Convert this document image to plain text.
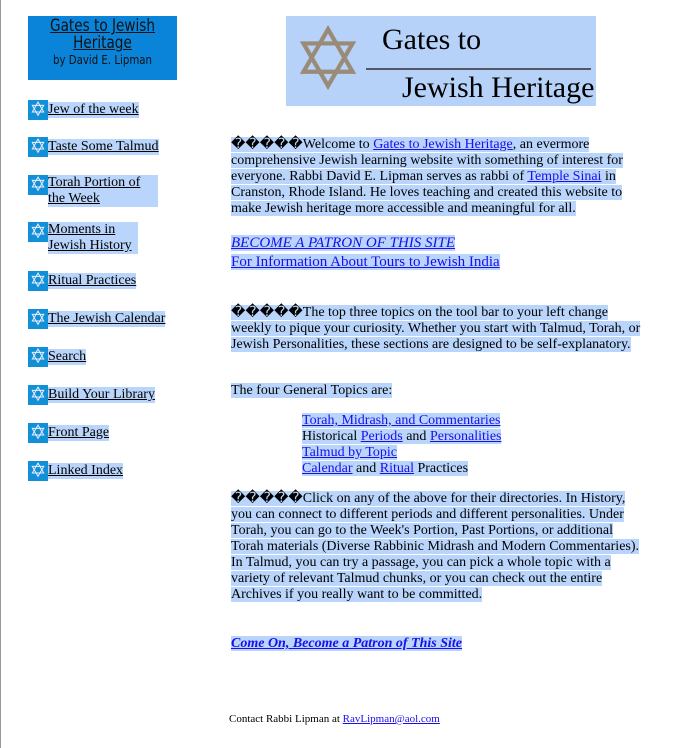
Gates to Jewish Heritage
by David E. Lipman
✡ Jew of the week
✡ Taste Some Talmud
✡ Torah Portion of the Week
✡ Moments in Jewish History
✡ Ritual Practices
✡ The Jewish Calendar
✡ Search
✡ Build Your Library
✡ Front Page
✡ Linked Index
✡ Gates to
Jewish Heritage
�����Welcome to Gates to Jewish Heritage, an evermore comprehensive Jewish learning website with something of interest for everyone. Rabbi David E. Lipman serves as rabbi of Temple Sinai in Cranston, Rhode Island. He loves teaching and created this website to make Jewish heritage more accessible and meaningful for all.
BECOME A PATRON OF THIS SITE
For Information About Tours to Jewish India
�����The top three topics on the tool bar to your left change weekly to pique your curiosity. Whether you start with Talmud, Torah, or Jewish Personalities, these sections are designed to be self-explanatory.
The four General Topics are:
Torah, Midrash, and Commentaries
Historical Periods and Personalities
Talmud by Topic
Calendar and Ritual Practices
�����Click on any of the above for their directories. In History, you can connect to different periods and different personalities. Under Torah, you can go to the Week's Portion, Past Portions, or additional Torah materials (Diverse Rabbinic Midrash and Modern Commentaries). In Talmud, you can try a passage, you can pick a whole topic with a variety of relevant Talmud chunks, or you can check out the entire Archives if you really want to be committed.
Come On, Become a Patron of This Site
Contact Rabbi Lipman at RavLipman@aol.com
